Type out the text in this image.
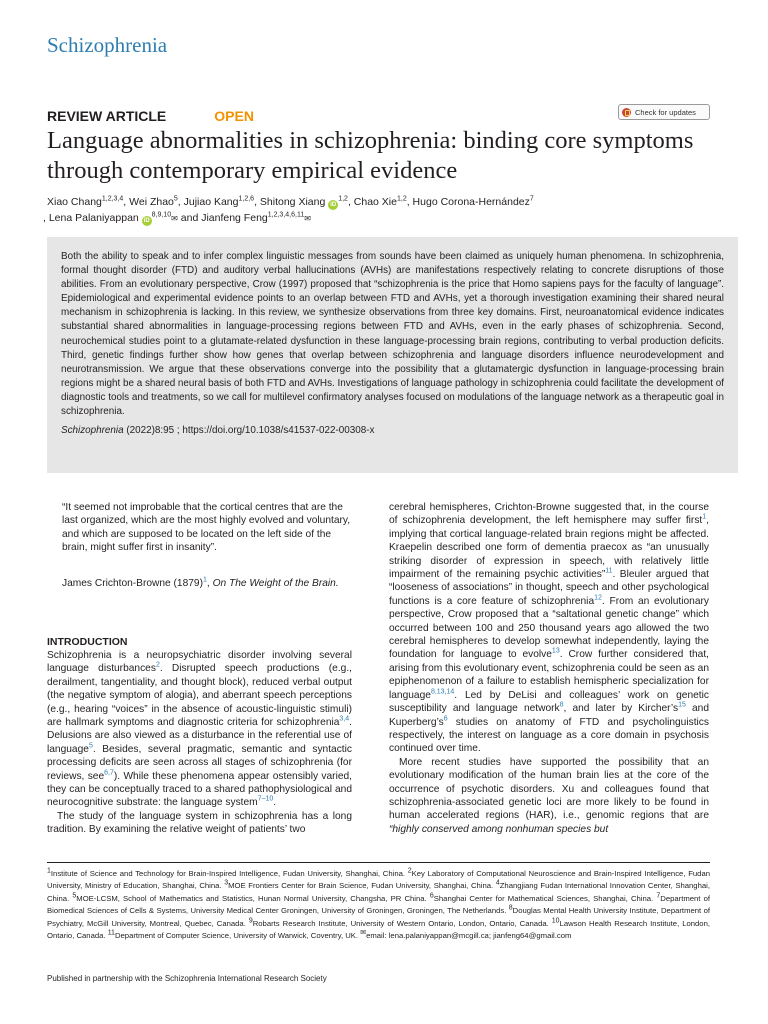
Schizophrenia
REVIEW ARTICLE	OPEN	Check for updates
Language abnormalities in schizophrenia: binding core symptoms through contemporary empirical evidence
Xiao Chang$^{1,2,3,4}$, Wei Zhao$^5$, Jujiao Kang$^{1,2,6}$, Shitong Xiang iD$^{1,2}$, Chao Xie$^{1,2}$, Hugo Corona-Hernández$^7$
, Lena Palaniyappan iD$^{8,9,10}$✉ and Jianfeng Feng$^{1,2,3,4,6,11}$✉

Both the ability to speak and to infer complex linguistic messages from sounds have been claimed as uniquely human phenomena. In schizophrenia, formal thought disorder (FTD) and auditory verbal hallucinations (AVHs) are manifestations respectively relating to concrete disruptions of those abilities. From an evolutionary perspective, Crow (1997) proposed that “schizophrenia is the price that Homo sapiens pays for the faculty of language”. Epidemiological and experimental evidence points to an overlap between FTD and AVHs, yet a thorough investigation examining their shared neural mechanism in schizophrenia is lacking. In this review, we synthesize observations from three key domains. First, neuroanatomical evidence indicates substantial shared abnormalities in language-processing regions between FTD and AVHs, even in the early phases of schizophrenia. Second, neurochemical studies point to a glutamate-related dysfunction in these language-processing brain regions, contributing to verbal production deficits. Third, genetic findings further show how genes that overlap between schizophrenia and language disorders influence neurodevelopment and neurotransmission. We argue that these observations converge into the possibility that a glutamatergic dysfunction in language-processing brain regions might be a shared neural basis of both FTD and AVHs. Investigations of language pathology in schizophrenia could facilitate the development of diagnostic tools and treatments, so we call for multilevel confirmatory analyses focused on modulations of the language network as a therapeutic goal in schizophrenia.

Schizophrenia (2022)8:95 ; https://doi.org/10.1038/s41537-022-00308-x

“It seemed not improbable that the cortical centres that are the last organized, which are the most highly evolved and voluntary, and which are supposed to be located on the left side of the brain, might suffer first in insanity”.
James Crichton-Browne (1879)$^1$, On The Weight of the Brain.
INTRODUCTION

Schizophrenia is a neuropsychiatric disorder involving several language disturbances$^2$. Disrupted speech productions (e.g., derailment, tangentiality, and thought block), reduced verbal output (the negative symptom of alogia), and aberrant speech perceptions (e.g., hearing “voices” in the absence of acoustic-linguistic stimuli) are hallmark symptoms and diagnostic criteria for schizophrenia$^{3,4}$. Delusions are also viewed as a disturbance in the referential use of language$^5$. Besides, several pragmatic, semantic and syntactic processing deficits are seen across all stages of schizophrenia (for reviews, see$^{6,7}$). While these phenomena appear ostensibly varied, they can be conceptually traced to a shared pathophysiological and neurocognitive substrate: the language system$^{7-10}$.

The study of the language system in schizophrenia has a long tradition. By examining the relative weight of patients’ two

cerebral hemispheres, Crichton-Browne suggested that, in the course of schizophrenia development, the left hemisphere may suffer first$^1$, implying that cortical language-related brain regions might be affected. Kraepelin described one form of dementia praecox as “an unusually striking disorder of expression in speech, with relatively little impairment of the remaining psychic activities”$^{11}$. Bleuler argued that “looseness of associations” in thought, speech and other psychological functions is a core feature of schizophrenia$^{12}$. From an evolutionary perspective, Crow proposed that a “saltational genetic change” which occurred between 100 and 250 thousand years ago allowed the two cerebral hemispheres to develop somewhat independently, laying the foundation for language to evolve$^{13}$. Crow further considered that, arising from this evolutionary event, schizophrenia could be seen as an epiphenomenon of a failure to establish hemispheric specialization for language$^{8,13,14}$. Led by DeLisi and colleagues’ work on genetic susceptibility and language network$^8$, and later by Kircher’s$^{15}$ and Kuperberg’s$^6$ studies on anatomy of FTD and psycholinguistics respectively, the interest on language as a core domain in psychosis continued over time.

More recent studies have supported the possibility that an evolutionary modification of the human brain lies at the core of the occurrence of psychotic disorders. Xu and colleagues found that schizophrenia-associated genetic loci are more likely to be found in human accelerated regions (HAR), i.e., genomic regions that are “highly conserved among nonhuman species but

$^1$Institute of Science and Technology for Brain-Inspired Intelligence, Fudan University, Shanghai, China. $^2$Key Laboratory of Computational Neuroscience and Brain-Inspired Intelligence, Fudan University, Ministry of Education, Shanghai, China. $^3$MOE Frontiers Center for Brain Science, Fudan University, Shanghai, China. $^4$Zhangjiang Fudan International Innovation Center, Shanghai, China. $^5$MOE-LCSM, School of Mathematics and Statistics, Hunan Normal University, Changsha, PR China. $^6$Shanghai Center for Mathematical Sciences, Shanghai, China. $^7$Department of Biomedical Sciences of Cells & Systems, University Medical Center Groningen, University of Groningen, Groningen, The Netherlands. $^8$Douglas Mental Health University Institute, Department of Psychiatry, McGill University, Montreal, Quebec, Canada. $^9$Robarts Research Institute, University of Western Ontario, London, Ontario, Canada. $^{10}$Lawson Health Research Institute, London, Ontario, Canada. $^{11}$Department of Computer Science, University of Warwick, Coventry, UK. ✉email: lena.palaniyappan@mcgill.ca; jianfeng64@gmail.com
Published in partnership with the Schizophrenia International Research Society
